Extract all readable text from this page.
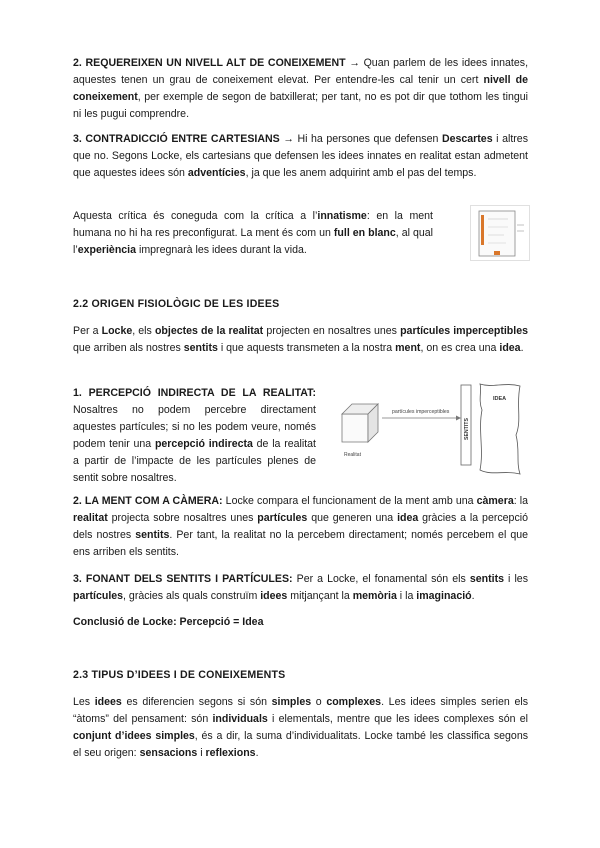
2. REQUEREIXEN UN NIVELL ALT DE CONEIXEMENT → Quan parlem de les idees innates, aquestes tenen un grau de coneixement elevat. Per entendre-les cal tenir un cert nivell de coneixement, per exemple de segon de batxillerat; per tant, no es pot dir que tothom les tingui ni les pugui comprendre.

3. CONTRADICCIÓ ENTRE CARTESIANS → Hi ha persones que defensen Descartes i altres que no. Segons Locke, els cartesians que defensen les idees innates en realitat estan admetent que aquestes idees són adventícies, ja que les anem adquirint amb el pas del temps.

Aquesta crítica és coneguda com la crítica a l’innatisme: en la ment humana no hi ha res preconfigurat. La ment és com un full en blanc, al qual l’experiència impregnarà les idees durant la vida.

2.2 ORIGEN FISIOLÒGIC DE LES IDEES

Per a Locke, els objectes de la realitat projecten en nosaltres unes partícules imperceptibles que arriben als nostres sentits i que aquests transmeten a la nostra ment, on es crea una idea.

1. PERCEPCIÓ INDIRECTA DE LA REALITAT: Nosaltres no podem percebre directament aquestes partícules; si no les podem veure, només podem tenir una percepció indirecta de la realitat a partir de l’impacte de les partícules plenes de sentit sobre nosaltres.

Realitat
partícules imperceptibles
SENTITS
IDEA

2. LA MENT COM A CÀMERA: Locke compara el funcionament de la ment amb una càmera: la realitat projecta sobre nosaltres unes partícules que generen una idea gràcies a la percepció dels nostres sentits. Per tant, la realitat no la percebem directament; només percebem el que ens arriben els sentits.

3. FONANT DELS SENTITS I PARTÍCULES: Per a Locke, el fonamental són els sentits i les partícules, gràcies als quals construïm idees mitjançant la memòria i la imaginació.

Conclusió de Locke: Percepció = Idea

2.3 TIPUS D’IDEES I DE CONEIXEMENTS

Les idees es diferencien segons si són simples o complexes. Les idees simples serien els “àtoms” del pensament: són individuals i elementals, mentre que les idees complexes són el conjunt d’idees simples, és a dir, la suma d’individualitats. Locke també les classifica segons el seu origen: sensacions i reflexions.
